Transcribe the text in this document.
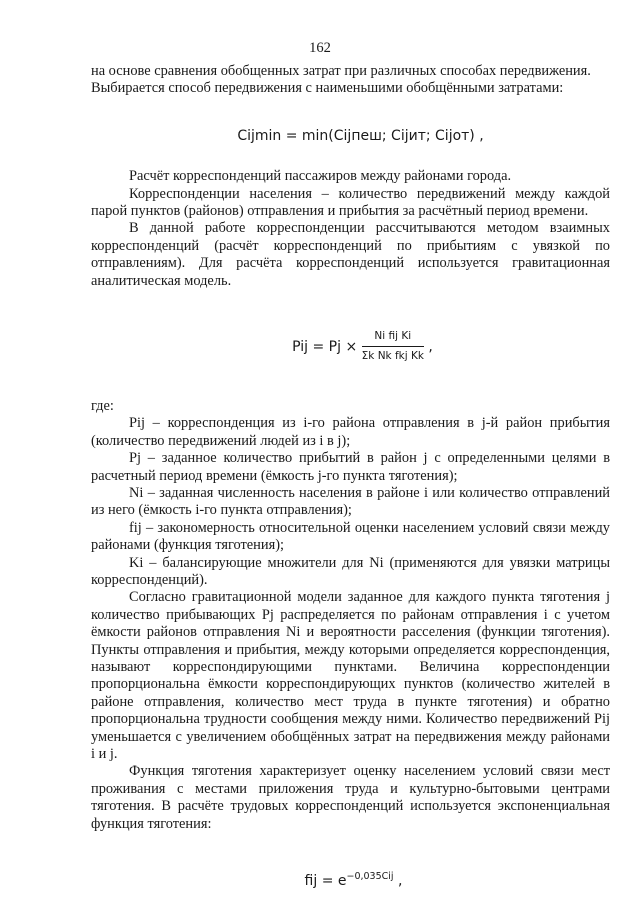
162

на основе сравнения обобщенных затрат при различных способах передвижения.

Выбирается способ передвижения с наименьшими обобщёнными затратами:

Cijmin = min(Cijпеш; Cijит; Cijот) ,

Расчёт корреспонденций пассажиров между районами города.

Корреспонденции населения – количество передвижений между каждой парой пунктов (районов) отправления и прибытия за расчётный период времени.

В данной работе корреспонденции рассчитываются методом взаимных корреспонденций (расчёт корреспонденций по прибытиям с увязкой по отправлениям). Для расчёта корреспонденций используется гравитационная аналитическая модель.

Pij = $Pj \times \frac{\text{Ni fij Ki}}{\text{Σk Nk fkj Kk}}$ ,

где:

Pij – корреспонденция из i-го района отправления в j-й район прибытия (количество передвижений людей из i в j);

Pj – заданное количество прибытий в район j с определенными целями в расчетный период времени (ёмкость j-го пункта тяготения);

Ni – заданная численность населения в районе i или количество отправлений из него (ёмкость i-го пункта отправления);

fij – закономерность относительной оценки населением условий связи между районами (функция тяготения);

Ki – балансирующие множители для Ni (применяются для увязки матрицы корреспонденций).

Согласно гравитационной модели заданное для каждого пункта тяготения j количество прибывающих Pj распределяется по районам отправления i с учетом ёмкости районов отправления Ni и вероятности расселения (функции тяготения). Пункты отправления и прибытия, между которыми определяется корреспонденция, называют корреспондирующими пунктами. Величина корреспонденции пропорциональна ёмкости корреспондирующих пунктов (количество жителей в районе отправления, количество мест труда в пункте тяготения) и обратно пропорциональна трудности сообщения между ними. Количество передвижений Pij уменьшается с увеличением обобщённых затрат на передвижения между районами i и j.

Функция тяготения характеризует оценку населением условий связи мест проживания с местами приложения труда и культурно-бытовыми центрами тяготения. В расчёте трудовых корреспонденций используется экспоненциальная функция тяготения:

fij = $e^{-0,035Cij}$ ,
